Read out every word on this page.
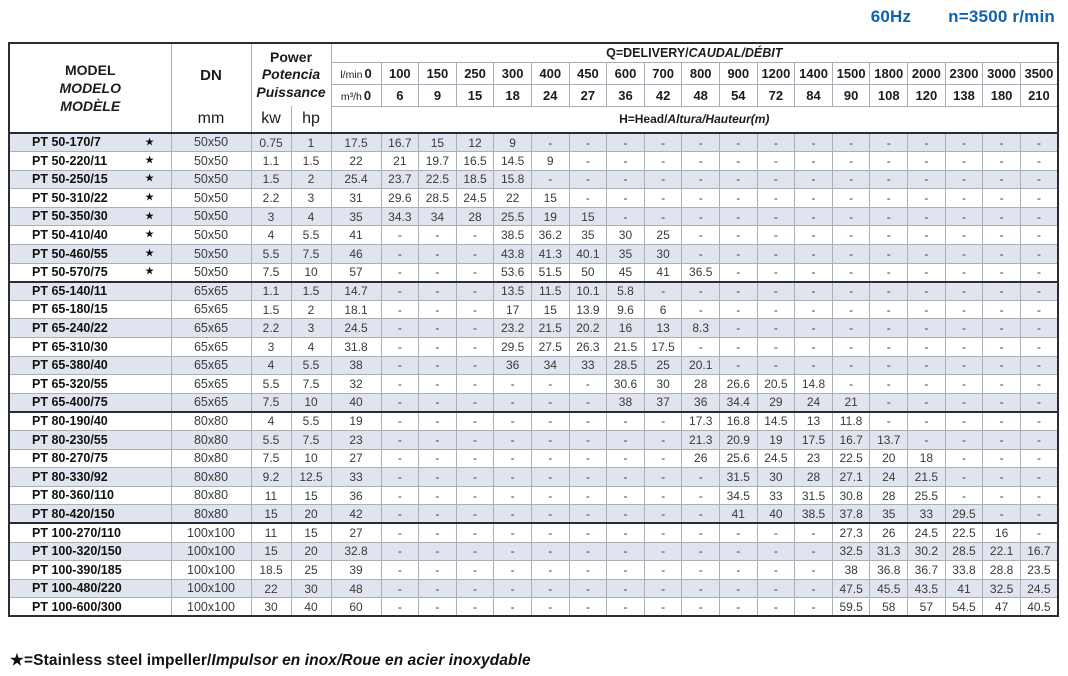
60Hz n=3500 r/min
MODEL
MODELO
MODÈLE
	DN	
Power
Potencia
Puissance
	Q=DELIVERY/CAUDAL/DÉBIT
				l/min 0	100	150	250	300	400	450	600	700	800	900	1200	1400	1500	1800	2000	2300	3000	3500
				m³/h 0	6	9	15	18	24	27	36	42	48	54	72	84	90	108	120	138	180	210
	mm	kw	hp	H=Head/Altura/Hauteur(m)																		
PT 50-170/7 ★	50x50	0.75	1	17.5	16.7	15	12	9	-	-	-	-	-	-	-	-	-	-	-	-	-	-
PT 50-220/11 ★	50x50	1.1	1.5	22	21	19.7	16.5	14.5	9	-	-	-	-	-	-	-	-	-	-	-	-	-
PT 50-250/15 ★	50x50	1.5	2	25.4	23.7	22.5	18.5	15.8	-	-	-	-	-	-	-	-	-	-	-	-	-	-
PT 50-310/22 ★	50x50	2.2	3	31	29.6	28.5	24.5	22	15	-	-	-	-	-	-	-	-	-	-	-	-	-
PT 50-350/30 ★	50x50	3	4	35	34.3	34	28	25.5	19	15	-	-	-	-	-	-	-	-	-	-	-	-
PT 50-410/40 ★	50x50	4	5.5	41	-	-	-	38.5	36.2	35	30	25	-	-	-	-	-	-	-	-	-	-
PT 50-460/55 ★	50x50	5.5	7.5	46	-	-	-	43.8	41.3	40.1	35	30	-	-	-	-	-	-	-	-	-	-
PT 50-570/75 ★	50x50	7.5	10	57	-	-	-	53.6	51.5	50	45	41	36.5	-	-	-	-	-	-	-	-	-
PT 65-140/11	65x65	1.1	1.5	14.7	-	-	-	13.5	11.5	10.1	5.8	-	-	-	-	-	-	-	-	-	-	-
PT 65-180/15	65x65	1.5	2	18.1	-	-	-	17	15	13.9	9.6	6	-	-	-	-	-	-	-	-	-	-
PT 65-240/22	65x65	2.2	3	24.5	-	-	-	23.2	21.5	20.2	16	13	8.3	-	-	-	-	-	-	-	-	-
PT 65-310/30	65x65	3	4	31.8	-	-	-	29.5	27.5	26.3	21.5	17.5	-	-	-	-	-	-	-	-	-	-
PT 65-380/40	65x65	4	5.5	38	-	-	-	36	34	33	28.5	25	20.1	-	-	-	-	-	-	-	-	-
PT 65-320/55	65x65	5.5	7.5	32	-	-	-	-	-	-	30.6	30	28	26.6	20.5	14.8	-	-	-	-	-	-
PT 65-400/75	65x65	7.5	10	40	-	-	-	-	-	-	38	37	36	34.4	29	24	21	-	-	-	-	-
PT 80-190/40	80x80	4	5.5	19	-	-	-	-	-	-	-	-	17.3	16.8	14.5	13	11.8	-	-	-	-	-
PT 80-230/55	80x80	5.5	7.5	23	-	-	-	-	-	-	-	-	21.3	20.9	19	17.5	16.7	13.7	-	-	-	-
PT 80-270/75	80x80	7.5	10	27	-	-	-	-	-	-	-	-	26	25.6	24.5	23	22.5	20	18	-	-	-
PT 80-330/92	80x80	9.2	12.5	33	-	-	-	-	-	-	-	-	-	31.5	30	28	27.1	24	21.5	-	-	-
PT 80-360/110	80x80	11	15	36	-	-	-	-	-	-	-	-	-	34.5	33	31.5	30.8	28	25.5	-	-	-
PT 80-420/150	80x80	15	20	42	-	-	-	-	-	-	-	-	-	41	40	38.5	37.8	35	33	29.5	-	-
PT 100-270/110	100x100	11	15	27	-	-	-	-	-	-	-	-	-	-	-	-	27.3	26	24.5	22.5	16	-
PT 100-320/150	100x100	15	20	32.8	-	-	-	-	-	-	-	-	-	-	-	-	32.5	31.3	30.2	28.5	22.1	16.7
PT 100-390/185	100x100	18.5	25	39	-	-	-	-	-	-	-	-	-	-	-	-	38	36.8	36.7	33.8	28.8	23.5
PT 100-480/220	100x100	22	30	48	-	-	-	-	-	-	-	-	-	-	-	-	47.5	45.5	43.5	41	32.5	24.5
PT 100-600/300	100x100	30	40	60	-	-	-	-	-	-	-	-	-	-	-	-	59.5	58	57	54.5	47	40.5
★=Stainless steel impeller/Impulsor en inox/Roue en acier inoxydable
